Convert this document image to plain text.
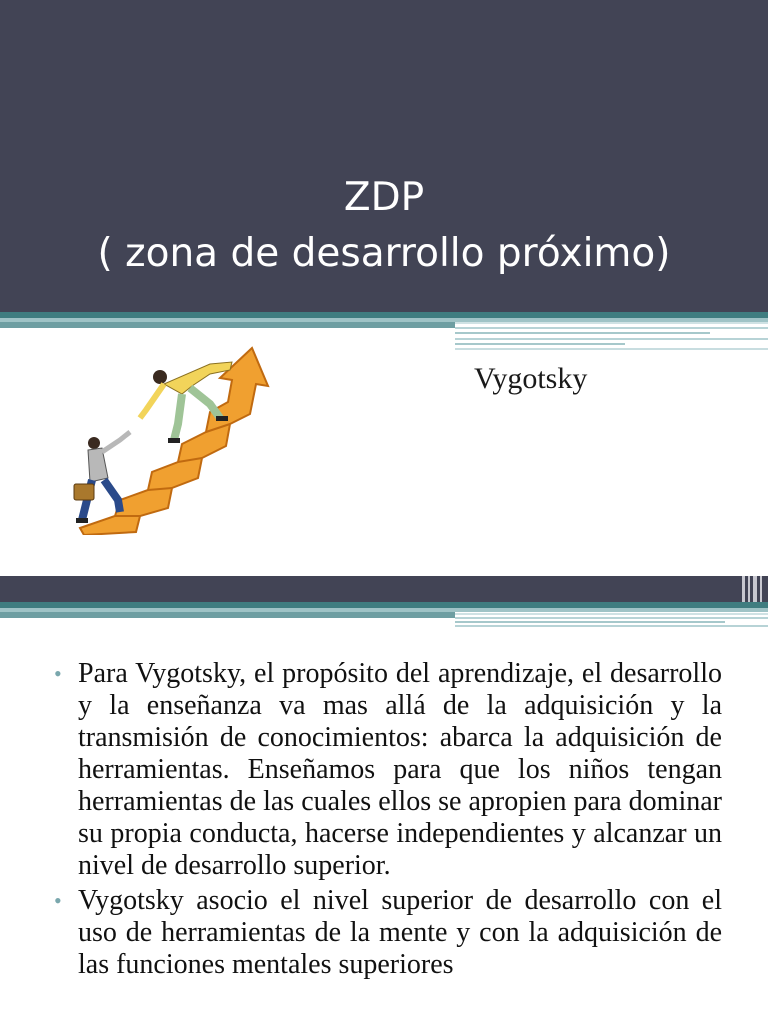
ZDP
( zona de desarrollo próximo)
Vygotsky
• Para Vygotsky, el propósito del aprendizaje, el desarrollo y la enseñanza va mas allá de la adquisición y la transmisión de conocimientos: abarca la adquisición de herramientas. Enseñamos para que los niños tengan herramientas de las cuales ellos se apropien para dominar su propia conducta, hacerse independientes y alcanzar un nivel de desarrollo superior.
• Vygotsky asocio el nivel superior de desarrollo con el uso de herramientas de la mente y con la adquisición de las funciones mentales superiores
